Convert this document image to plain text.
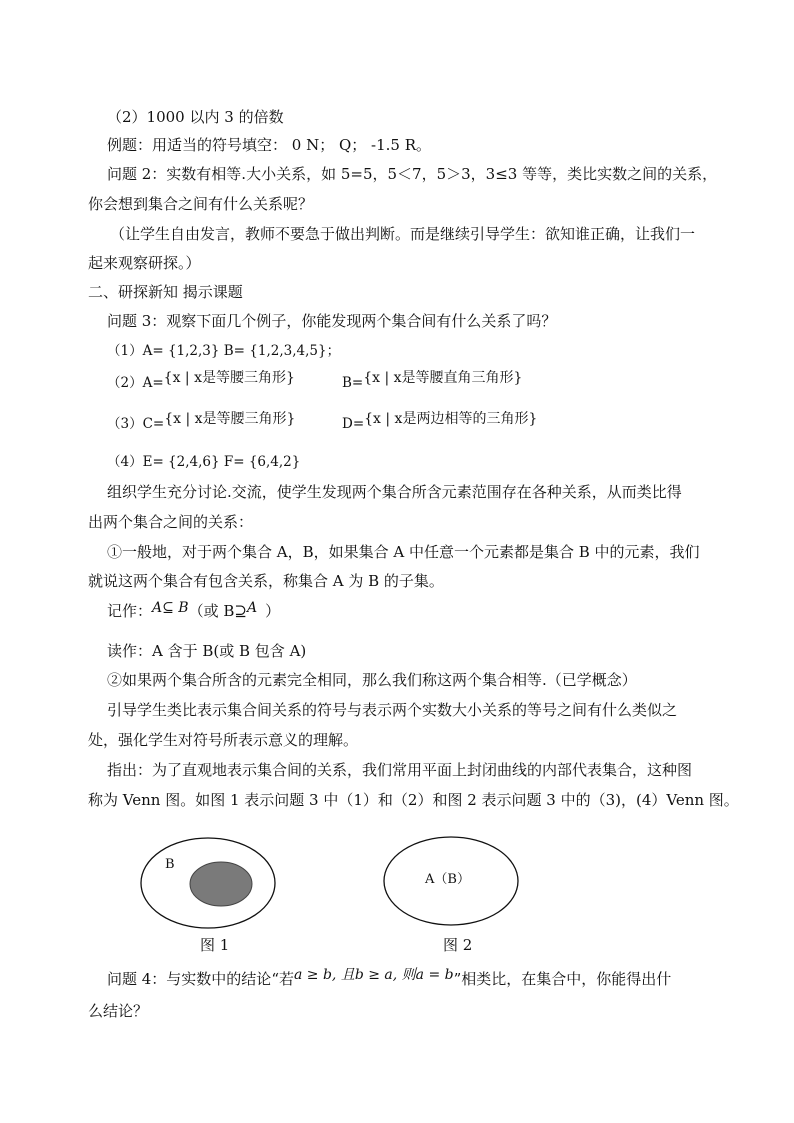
（2）1000 以内 3 的倍数
例题：用适当的符号填空： 0 N； Q； -1.5 R。
问题 2：实数有相等.大小关系，如 5=5，5＜7，5＞3，3≤3 等等，类比实数之间的关系，
你会想到集合之间有什么关系呢？
（让学生自由发言，教师不要急于做出判断。而是继续引导学生：欲知谁正确，让我们一
起来观察研探。）
二、研探新知 揭示课题
问题 3：观察下面几个例子，你能发现两个集合间有什么关系了吗？
（1）A= {1,2,3} B= {1,2,3,4,5}；
（2）A={x | x是等腰三角形}	B={x | x是等腰直角三角形}
（3）C={x | x是等腰三角形}	D={x | x是两边相等的三角形}
（4）E= {2,4,6} F= {6,4,2}
组织学生充分讨论.交流，使学生发现两个集合所含元素范围存在各种关系，从而类比得
出两个集合之间的关系：
①一般地，对于两个集合 A，B，如果集合 A 中任意一个元素都是集合 B 中的元素，我们
就说这两个集合有包含关系，称集合 A 为 B 的子集。
记作：A⊆ B（或 B⊇A ）
读作：A 含于 B(或 B 包含 A)
②如果两个集合所含的元素完全相同，那么我们称这两个集合相等.（已学概念）
引导学生类比表示集合间关系的符号与表示两个实数大小关系的等号之间有什么类似之
处，强化学生对符号所表示意义的理解。
指出：为了直观地表示集合间的关系，我们常用平面上封闭曲线的内部代表集合，这种图
称为 Venn 图。如图 1 表示问题 3 中（1）和（2）和图 2 表示问题 3 中的（3)，(4）Venn 图。
B
图 1
A（B）
图 2
问题 4：与实数中的结论“若a ≥ b, 且b ≥ a, 则a = b”相类比，在集合中，你能得出什
么结论？
